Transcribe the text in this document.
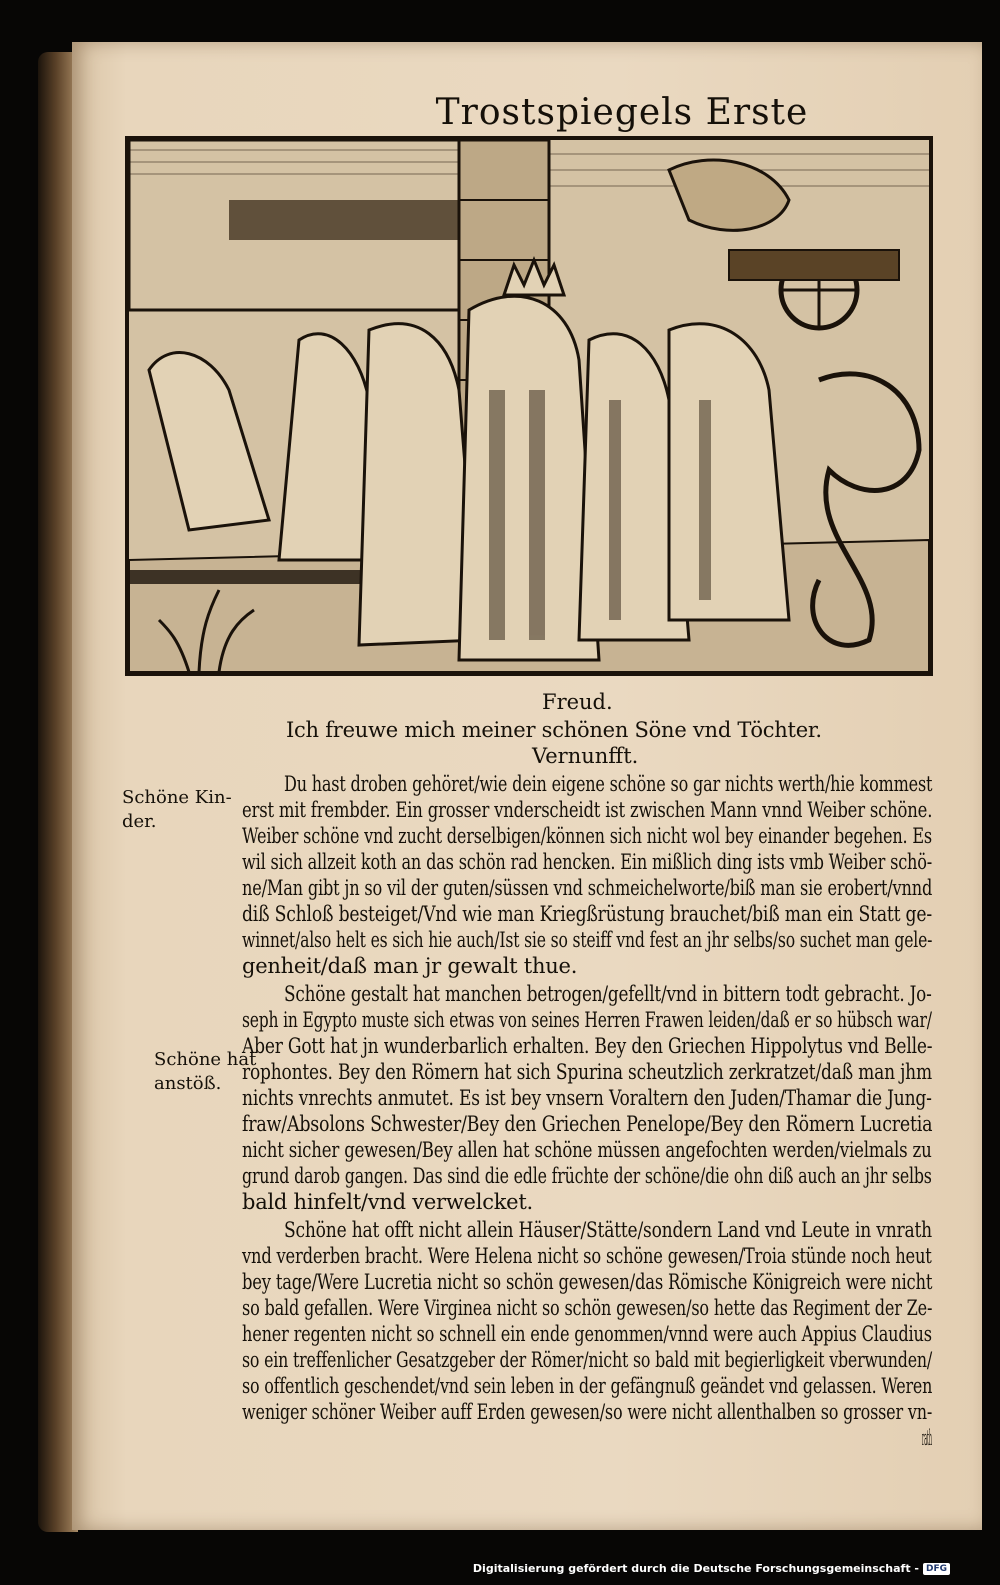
Trostspiegels Erste
Freud.
Ich freuwe mich meiner schönen Söne vnd Töchter.
Vernunfft.
Schöne Kin-
der.
Schöne hat
anstöß.
Du hast droben gehöret/wie dein eigene schöne so gar nichts werth/hie kommest
erst mit frembder. Ein grosser vnderscheidt ist zwischen Mann vnnd Weiber schöne.
Weiber schöne vnd zucht derselbigen/können sich nicht wol bey einander begehen. Es
wil sich allzeit koth an das schön rad hencken. Ein mißlich ding ists vmb Weiber schö-
ne/Man gibt jn so vil der guten/süssen vnd schmeichelworte/biß man sie erobert/vnnd
diß Schloß besteiget/Vnd wie man Kriegßrüstung brauchet/biß man ein Statt ge-
winnet/also helt es sich hie auch/Ist sie so steiff vnd fest an jhr selbs/so suchet man gele-
genheit/daß man jr gewalt thue.
Schöne gestalt hat manchen betrogen/gefellt/vnd in bittern todt gebracht. Jo-
seph in Egypto muste sich etwas von seines Herren Frawen leiden/daß er so hübsch war/
Aber Gott hat jn wunderbarlich erhalten. Bey den Griechen Hippolytus vnd Belle-
rophontes. Bey den Römern hat sich Spurina scheutzlich zerkratzet/daß man jhm
nichts vnrechts anmutet. Es ist bey vnsern Voraltern den Juden/Thamar die Jung-
fraw/Absolons Schwester/Bey den Griechen Penelope/Bey den Römern Lucretia
nicht sicher gewesen/Bey allen hat schöne müssen angefochten werden/vielmals zu
grund darob gangen. Das sind die edle früchte der schöne/die ohn diß auch an jhr selbs
bald hinfelt/vnd verwelcket.
Schöne hat offt nicht allein Häuser/Stätte/sondern Land vnd Leute in vnrath
vnd verderben bracht. Were Helena nicht so schöne gewesen/Troia stünde noch heut
bey tage/Were Lucretia nicht so schön gewesen/das Römische Königreich were nicht
so bald gefallen. Were Virginea nicht so schön gewesen/so hette das Regiment der Ze-
hener regenten nicht so schnell ein ende genommen/vnnd were auch Appius Claudius
so ein treffenlicher Gesatzgeber der Römer/nicht so bald mit begierligkeit vberwunden/
so offentlich geschendet/vnd sein leben in der gefängnuß geändet vnd gelassen. Weren
weniger schöner Weiber auff Erden gewesen/so were nicht allenthalben so grosser vn-
rath
Digitalisierung gefördert durch die Deutsche Forschungsgemeinschaft - DFG
